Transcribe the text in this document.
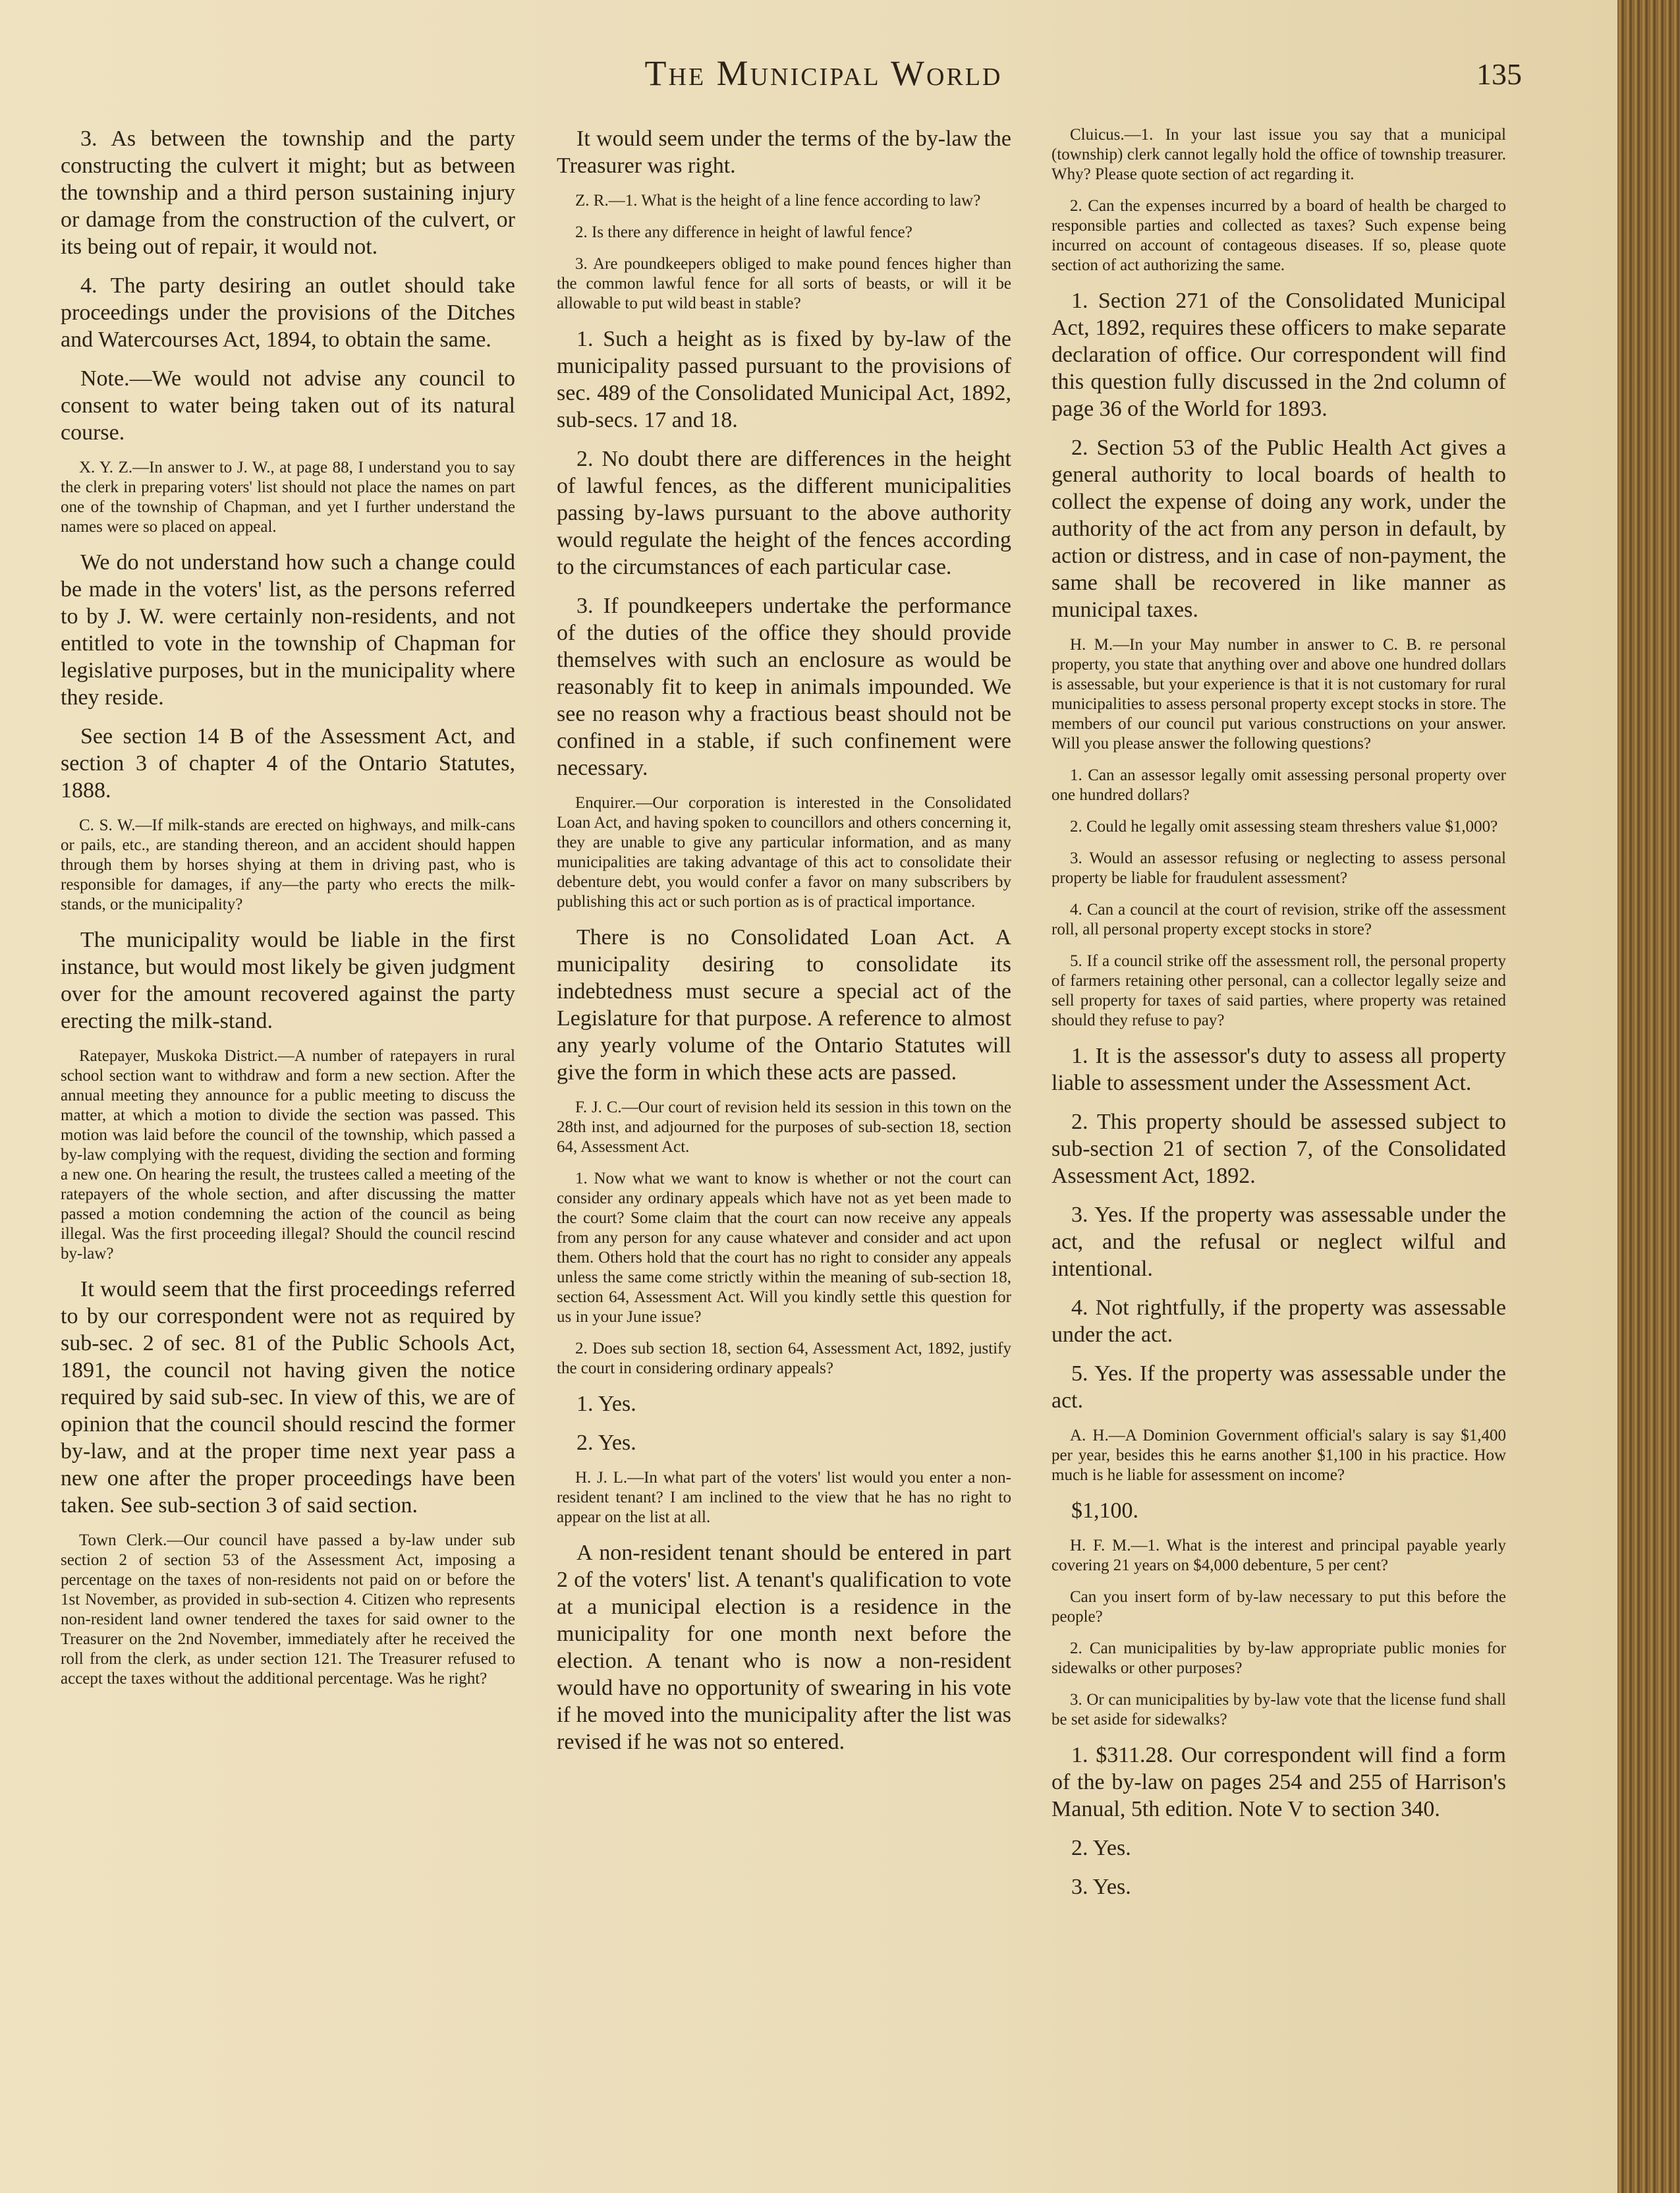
The Municipal World	135

3. As between the township and the party constructing the culvert it might; but as between the township and a third person sustaining injury or damage from the construction of the culvert, or its being out of repair, it would not.

4. The party desiring an outlet should take proceedings under the provisions of the Ditches and Watercourses Act, 1894, to obtain the same.

Note.—We would not advise any council to consent to water being taken out of its natural course.

X. Y. Z.—In answer to J. W., at page 88, I understand you to say the clerk in preparing voters' list should not place the names on part one of the township of Chapman, and yet I further understand the names were so placed on appeal.

We do not understand how such a change could be made in the voters' list, as the persons referred to by J. W. were certainly non-residents, and not entitled to vote in the township of Chapman for legislative purposes, but in the municipality where they reside.

See section 14 B of the Assessment Act, and section 3 of chapter 4 of the Ontario Statutes, 1888.

C. S. W.—If milk-stands are erected on highways, and milk-cans or pails, etc., are standing thereon, and an accident should happen through them by horses shying at them in driving past, who is responsible for damages, if any—the party who erects the milk-stands, or the municipality?

The municipality would be liable in the first instance, but would most likely be given judgment over for the amount recovered against the party erecting the milk-stand.

Ratepayer, Muskoka District.—A number of ratepayers in rural school section want to withdraw and form a new section. After the annual meeting they announce for a public meeting to discuss the matter, at which a motion to divide the section was passed. This motion was laid before the council of the township, which passed a by-law complying with the request, dividing the section and forming a new one. On hearing the result, the trustees called a meeting of the ratepayers of the whole section, and after discussing the matter passed a motion condemning the action of the council as being illegal. Was the first proceeding illegal? Should the council rescind by-law?

It would seem that the first proceedings referred to by our correspondent were not as required by sub-sec. 2 of sec. 81 of the Public Schools Act, 1891, the council not having given the notice required by said sub-sec. In view of this, we are of opinion that the council should rescind the former by-law, and at the proper time next year pass a new one after the proper proceedings have been taken. See sub-section 3 of said section.

Town Clerk.—Our council have passed a by-law under sub section 2 of section 53 of the Assessment Act, imposing a percentage on the taxes of non-residents not paid on or before the 1st November, as provided in sub-section 4. Citizen who represents non-resident land owner tendered the taxes for said owner to the Treasurer on the 2nd November, immediately after he received the roll from the clerk, as under section 121. The Treasurer refused to accept the taxes without the additional percentage. Was he right?

It would seem under the terms of the by-law the Treasurer was right.

Z. R.—1. What is the height of a line fence according to law?

2. Is there any difference in height of lawful fence?

3. Are poundkeepers obliged to make pound fences higher than the common lawful fence for all sorts of beasts, or will it be allowable to put wild beast in stable?

1. Such a height as is fixed by by-law of the municipality passed pursuant to the provisions of sec. 489 of the Consolidated Municipal Act, 1892, sub-secs. 17 and 18.

2. No doubt there are differences in the height of lawful fences, as the different municipalities passing by-laws pursuant to the above authority would regulate the height of the fences according to the circumstances of each particular case.

3. If poundkeepers undertake the performance of the duties of the office they should provide themselves with such an enclosure as would be reasonably fit to keep in animals impounded. We see no reason why a fractious beast should not be confined in a stable, if such confinement were necessary.

Enquirer.—Our corporation is interested in the Consolidated Loan Act, and having spoken to councillors and others concerning it, they are unable to give any particular information, and as many municipalities are taking advantage of this act to consolidate their debenture debt, you would confer a favor on many subscribers by publishing this act or such portion as is of practical importance.

There is no Consolidated Loan Act. A municipality desiring to consolidate its indebtedness must secure a special act of the Legislature for that purpose. A reference to almost any yearly volume of the Ontario Statutes will give the form in which these acts are passed.

F. J. C.—Our court of revision held its session in this town on the 28th inst, and adjourned for the purposes of sub-section 18, section 64, Assessment Act.

1. Now what we want to know is whether or not the court can consider any ordinary appeals which have not as yet been made to the court? Some claim that the court can now receive any appeals from any person for any cause whatever and consider and act upon them. Others hold that the court has no right to consider any appeals unless the same come strictly within the meaning of sub-section 18, section 64, Assessment Act. Will you kindly settle this question for us in your June issue?

2. Does sub section 18, section 64, Assessment Act, 1892, justify the court in considering ordinary appeals?

1. Yes.

2. Yes.

H. J. L.—In what part of the voters' list would you enter a non-resident tenant? I am inclined to the view that he has no right to appear on the list at all.

A non-resident tenant should be entered in part 2 of the voters' list. A tenant's qualification to vote at a municipal election is a residence in the municipality for one month next before the election. A tenant who is now a non-resident would have no opportunity of swearing in his vote if he moved into the municipality after the list was revised if he was not so entered.

Cluicus.—1. In your last issue you say that a municipal (township) clerk cannot legally hold the office of township treasurer. Why? Please quote section of act regarding it.

2. Can the expenses incurred by a board of health be charged to responsible parties and collected as taxes? Such expense being incurred on account of contageous diseases. If so, please quote section of act authorizing the same.

1. Section 271 of the Consolidated Municipal Act, 1892, requires these officers to make separate declaration of office. Our correspondent will find this question fully discussed in the 2nd column of page 36 of the World for 1893.

2. Section 53 of the Public Health Act gives a general authority to local boards of health to collect the expense of doing any work, under the authority of the act from any person in default, by action or distress, and in case of non-payment, the same shall be recovered in like manner as municipal taxes.

H. M.—In your May number in answer to C. B. re personal property, you state that anything over and above one hundred dollars is assessable, but your experience is that it is not customary for rural municipalities to assess personal property except stocks in store. The members of our council put various constructions on your answer. Will you please answer the following questions?

1. Can an assessor legally omit assessing personal property over one hundred dollars?

2. Could he legally omit assessing steam threshers value $1,000?

3. Would an assessor refusing or neglecting to assess personal property be liable for fraudulent assessment?

4. Can a council at the court of revision, strike off the assessment roll, all personal property except stocks in store?

5. If a council strike off the assessment roll, the personal property of farmers retaining other personal, can a collector legally seize and sell property for taxes of said parties, where property was retained should they refuse to pay?

1. It is the assessor's duty to assess all property liable to assessment under the Assessment Act.

2. This property should be assessed subject to sub-section 21 of section 7, of the Consolidated Assessment Act, 1892.

3. Yes. If the property was assessable under the act, and the refusal or neglect wilful and intentional.

4. Not rightfully, if the property was assessable under the act.

5. Yes. If the property was assessable under the act.

A. H.—A Dominion Government official's salary is say $1,400 per year, besides this he earns another $1,100 in his practice. How much is he liable for assessment on income?

$1,100.

H. F. M.—1. What is the interest and principal payable yearly covering 21 years on $4,000 debenture, 5 per cent?

Can you insert form of by-law necessary to put this before the people?

2. Can municipalities by by-law appropriate public monies for sidewalks or other purposes?

3. Or can municipalities by by-law vote that the license fund shall be set aside for sidewalks?

1. $311.28. Our correspondent will find a form of the by-law on pages 254 and 255 of Harrison's Manual, 5th edition. Note V to section 340.

2. Yes.

3. Yes.
